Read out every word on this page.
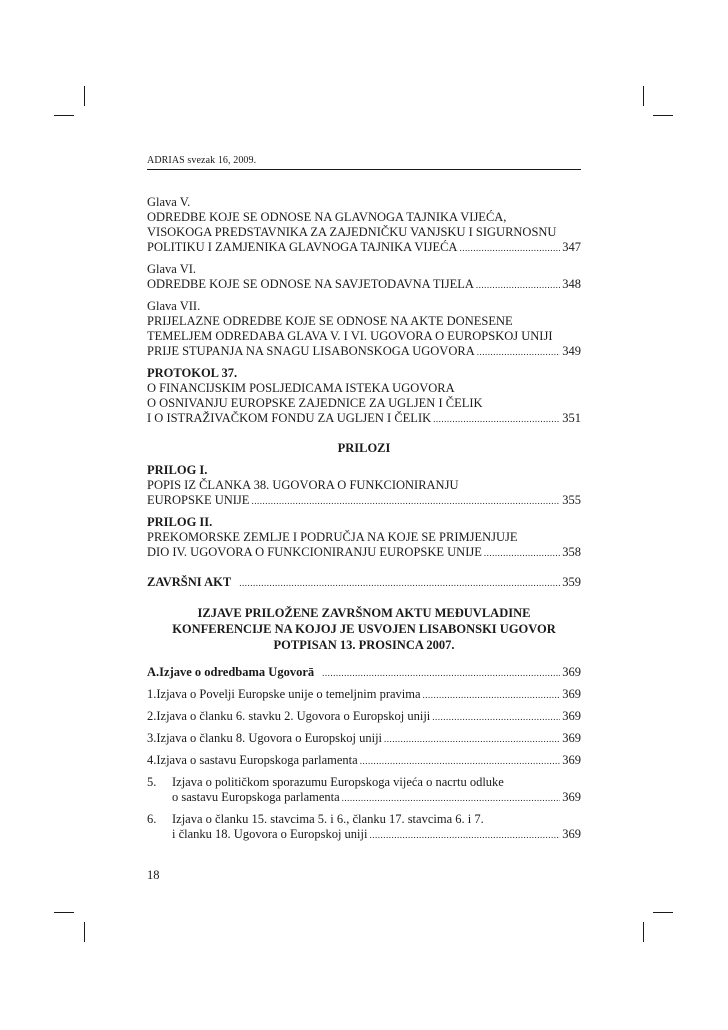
ADRIAS svezak 16, 2009.
Glava V.
ODREDBE KOJE SE ODNOSE NA GLAVNOGA TAJNIKA VIJEĆA,
VISOKOGA PREDSTAVNIKA ZA ZAJEDNIČKU VANJSKU I SIGURNOSNU
POLITIKU I ZAMJENIKA GLAVNOGA TAJNIKA VIJEĆA .....	347
Glava VI.
ODREDBE KOJE SE ODNOSE NA SAVJETODAVNA TIJELA .....	348
Glava VII.
PRIJELAZNE ODREDBE KOJE SE ODNOSE NA AKTE DONESENE
TEMELJEM ODREDABA GLAVA V. I VI. UGOVORA O EUROPSKOJ UNIJI
PRIJE STUPANJA NA SNAGU LISABONSKOGA UGOVORA .....	349
PROTOKOL 37.
O FINANCIJSKIM POSLJEDICAMA ISTEKA UGOVORA
O OSNIVANJU EUROPSKE ZAJEDNICE ZA UGLJEN I ČELIK
I O ISTRAŽIVAČKOM FONDU ZA UGLJEN I ČELIK .....	351
PRILOZI
PRILOG I.
POPIS IZ ČLANKA 38. UGOVORA O FUNKCIONIRANJU
EUROPSKE UNIJE .....	355
PRILOG II.
PREKOMORSKE ZEMLJE I PODRUČJA NA KOJE SE PRIMJENJUJE
DIO IV. UGOVORA O FUNKCIONIRANJU EUROPSKE UNIJE .....	358
ZAVRŠNI AKT .....	359
IZJAVE PRILOŽENE ZAVRŠNOM AKTU MEĐUVLADINE
KONFERENCIJE NA KOJOJ JE USVOJEN LISABONSKI UGOVOR
POTPISAN 13. PROSINCA 2007.
A. Izjave o odredbama Ugovorā .....	369
1. Izjava o Povelji Europske unije o temeljnim pravima .....	369
2. Izjava o članku 6. stavku 2. Ugovora o Europskoj uniji .....	369
3. Izjava o članku 8. Ugovora o Europskoj uniji .....	369
4. Izjava o sastavu Europskoga parlamenta .....	369
5.	Izjava o političkom sporazumu Europskoga vijeća o nacrtu odluke
o sastavu Europskoga parlamenta .....	369
6.	Izjava o članku 15. stavcima 5. i 6., članku 17. stavcima 6. i 7.
i članku 18. Ugovora o Europskoj uniji .....	369
18
